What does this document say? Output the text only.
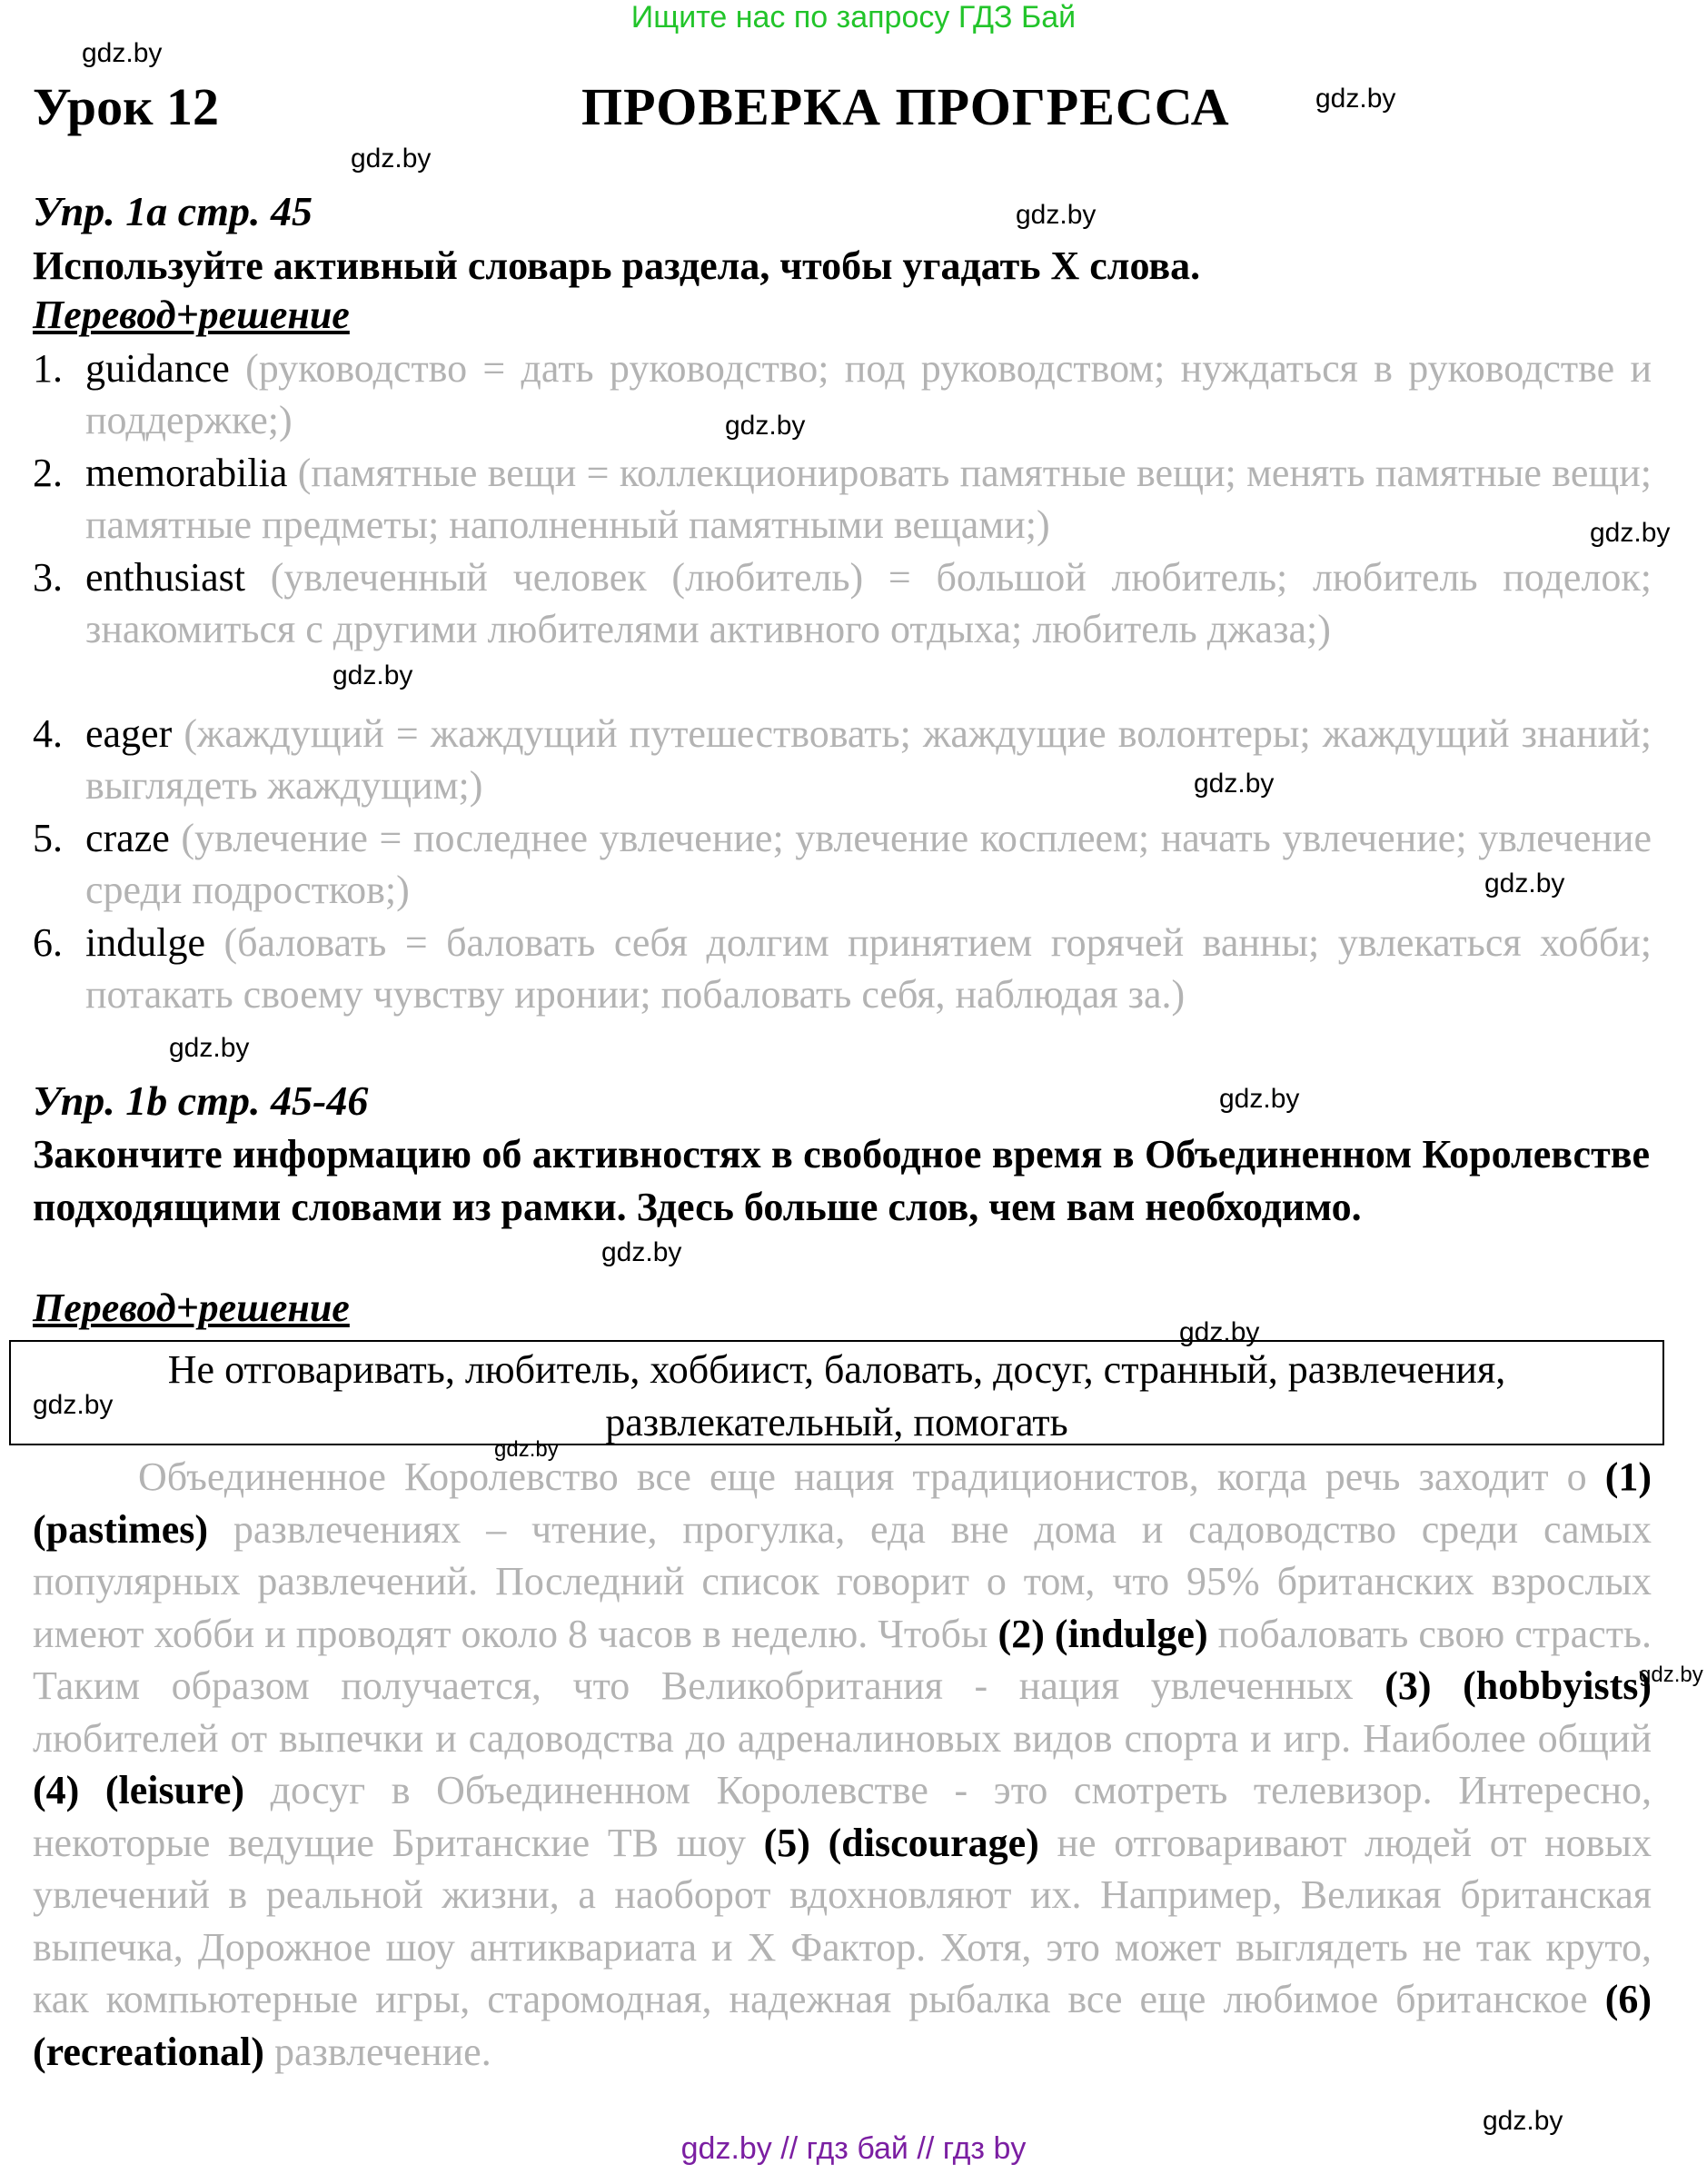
Ищите нас по запросу ГДЗ Бай
gdz.by
gdz.by
gdz.by
gdz.by
gdz.by
gdz.by
gdz.by
gdz.by
gdz.by
gdz.by
gdz.by
gdz.by
gdz.by
gdz.by
gdz.by
gdz.by
gdz.by
Урок 12	ПРОВЕРКА ПРОГРЕССА
Упр. 1a стр. 45
Используйте активный словарь раздела, чтобы угадать Х слова.
Перевод+решение
1. guidance (руководство = дать руководство; под руководством; нуждаться в руководстве и поддержке;)
2. memorabilia (памятные вещи = коллекционировать памятные вещи; менять памятные вещи; памятные предметы; наполненный памятными вещами;)
3. enthusiast (увлеченный человек (любитель) = большой любитель; любитель поделок; знакомиться с другими любителями активного отдыха; любитель джаза;)
4. eager (жаждущий = жаждущий путешествовать; жаждущие волонтеры; жаждущий знаний; выглядеть жаждущим;)
5. craze (увлечение = последнее увлечение; увлечение косплеем; начать увлечение; увлечение среди подростков;)
6. indulge (баловать = баловать себя долгим принятием горячей ванны; увлекаться хобби; потакать своему чувству иронии; побаловать себя, наблюдая за.)
Упр. 1b стр. 45-46
Закончите информацию об активностях в свободное время в Объединенном Королевстве подходящими словами из рамки. Здесь больше слов, чем вам необходимо.
Перевод+решение
Не отговаривать, любитель, хоббиист, баловать, досуг, странный, развлечения,
развлекательный, помогать
Объединенное Королевство все еще нация традиционистов, когда речь заходит о (1) (pastimes) развлечениях – чтение, прогулка, еда вне дома и садоводство среди самых популярных развлечений. Последний список говорит о том, что 95% британских взрослых имеют хобби и проводят около 8 часов в неделю. Чтобы (2) (indulge) побаловать свою страсть. Таким образом получается, что Великобритания - нация увлеченных (3) (hobbyists) любителей от выпечки и садоводства до адреналиновых видов спорта и игр. Наиболее общий (4) (leisure) досуг в Объединенном Королевстве - это смотреть телевизор. Интересно, некоторые ведущие Британские ТВ шоу (5) (discourage) не отговаривают людей от новых увлечений в реальной жизни, а наоборот вдохновляют их. Например, Великая британская выпечка, Дорожное шоу антиквариата и Х Фактор. Хотя, это может выглядеть не так круто, как компьютерные игры, старомодная, надежная рыбалка все еще любимое британское (6) (recreational) развлечение.
gdz.by // гдз бай // гдз by
